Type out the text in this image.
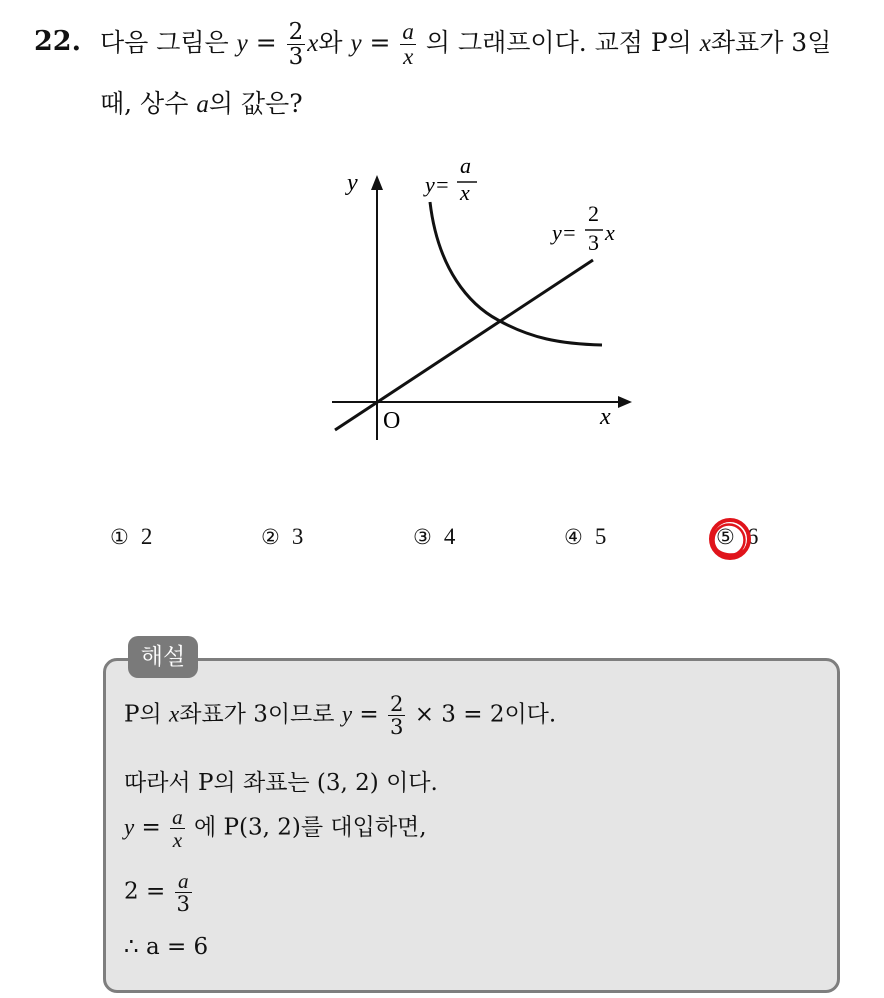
22. 다음 그림은 $y = \frac{2}{3}$ x와 $y = \frac{a}{x}$ 의 그래프이다. 교점 P의 x좌표가 3일
때, 상수 a의 값은?
y
x
O
y=
a
x
y=
2
3 x
① 2	② 3	③ 4	④ 5	⑤ 6
해설
P의 x좌표가 3이므로 $y = \frac{2}{3} \times 3 = 2$이다.
따라서 P의 좌표는 (3, 2) 이다.
$y = \frac{a}{x}$ 에 P(3, 2)를 대입하면,
$2 = \frac{a}{3}$
∴ a = 6
